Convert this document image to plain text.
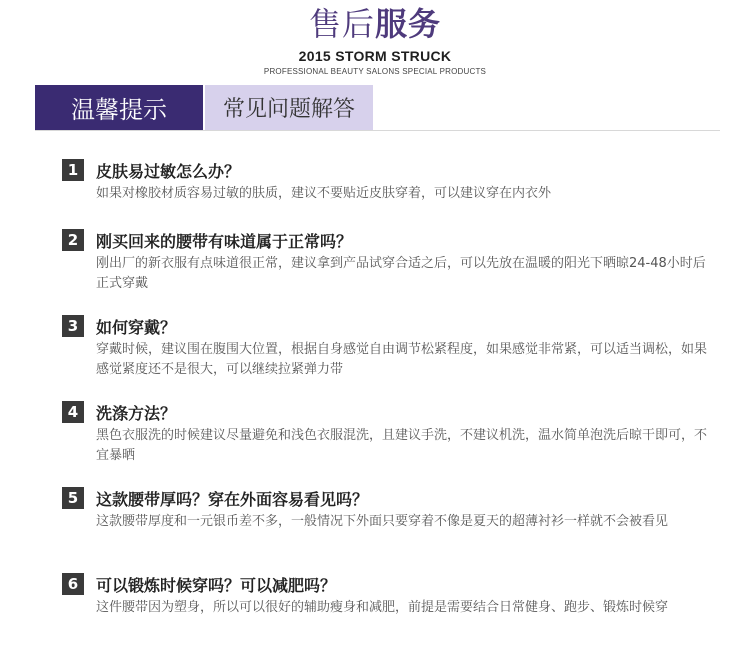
售后服务
2015 STORM STRUCK
PROFESSIONAL BEAUTY SALONS SPECIAL PRODUCTS
温馨提示	常见问题解答
1	皮肤易过敏怎么办？
如果对橡胶材质容易过敏的肤质，建议不要贴近皮肤穿着，可以建议穿在内衣外
2	刚买回来的腰带有味道属于正常吗？
刚出厂的新衣服有点味道很正常，建议拿到产品试穿合适之后，可以先放在温暖的阳光下晒晾24-48小时后正式穿戴
3	如何穿戴？
穿戴时候，建议围在腹围大位置，根据自身感觉自由调节松紧程度，如果感觉非常紧，可以适当调松，如果感觉紧度还不是很大，可以继续拉紧弹力带
4	洗涤方法？
黑色衣服洗的时候建议尽量避免和浅色衣服混洗，且建议手洗，不建议机洗，温水简单泡洗后晾干即可，不宜暴晒
5	这款腰带厚吗？穿在外面容易看见吗？
这款腰带厚度和一元银币差不多，一般情况下外面只要穿着不像是夏天的超薄衬衫一样就不会被看见
6	可以锻炼时候穿吗？可以减肥吗？
这件腰带因为塑身，所以可以很好的辅助瘦身和减肥，前提是需要结合日常健身、跑步、锻炼时候穿
